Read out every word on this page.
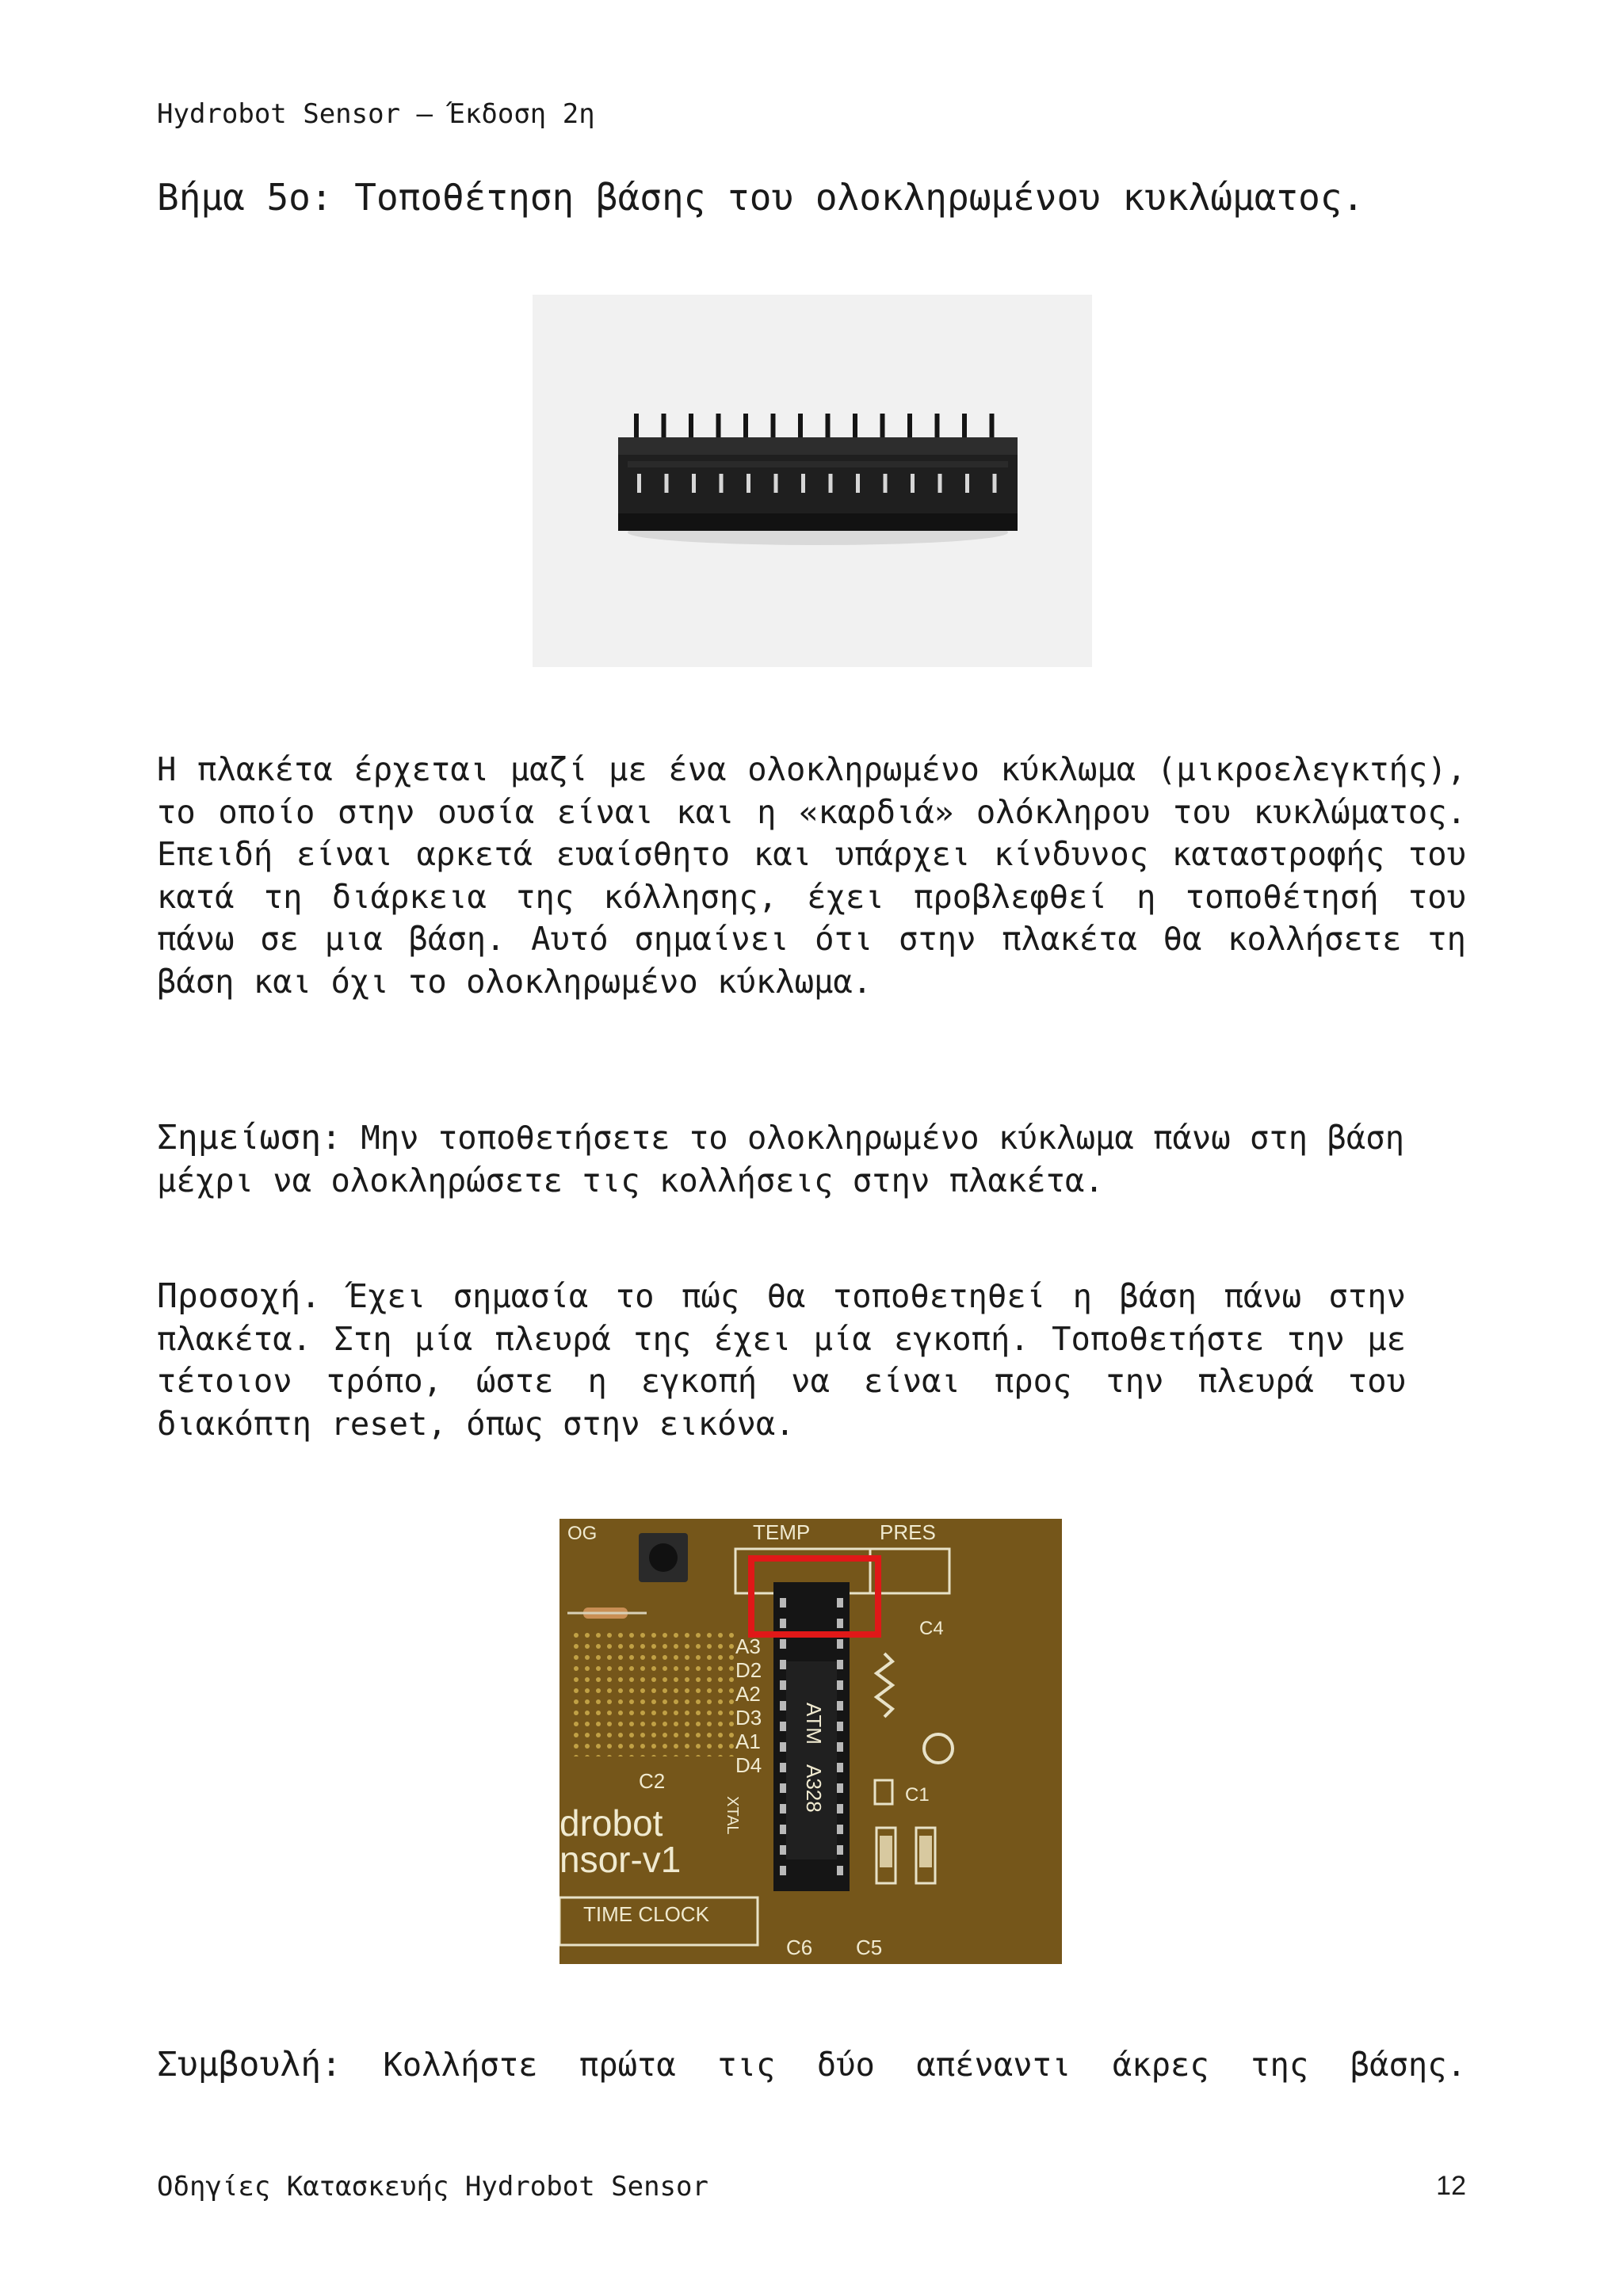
Hydrobot Sensor – Έκδοση 2η
Βήμα 5ο: Τοποθέτηση βάσης του ολοκληρωμένου κυκλώματος.
Η πλακέτα έρχεται μαζί με ένα ολοκληρωμένο κύκλωμα (μικροελεγκτής), το οποίο στην ουσία είναι και η «καρδιά» ολόκληρου του κυκλώματος. Επειδή είναι αρκετά ευαίσθητο και υπάρχει κίνδυνος καταστροφής του κατά τη διάρκεια της κόλλησης, έχει προβλεφθεί η τοποθέτησή του πάνω σε μια βάση. Αυτό σημαίνει ότι στην πλακέτα θα κολλήσετε τη βάση και όχι το ολοκληρωμένο κύκλωμα.
Σημείωση: Μην τοποθετήσετε το ολοκληρωμένο κύκλωμα πάνω στη βάση μέχρι να ολοκληρώσετε τις κολλήσεις στην πλακέτα.
Προσοχή. Έχει σημασία το πώς θα τοποθετηθεί η βάση πάνω στην πλακέτα. Στη μία πλευρά της έχει μία εγκοπή. Τοποθετήστε την με τέτοιον τρόπο, ώστε η εγκοπή να είναι προς την πλευρά του διακόπτη reset, όπως στην εικόνα.
OG	TEMP	PRES
C4
A3
D2
A2
D3
A1
D4
ATM
A328
C2
C1
XTAL
drobot
nsor-v1
TIME CLOCK
C6 C5
Συμβουλή: Κολλήστε πρώτα τις δύο απέναντι άκρες της βάσης.
Οδηγίες Κατασκευής Hydrobot Sensor	12
